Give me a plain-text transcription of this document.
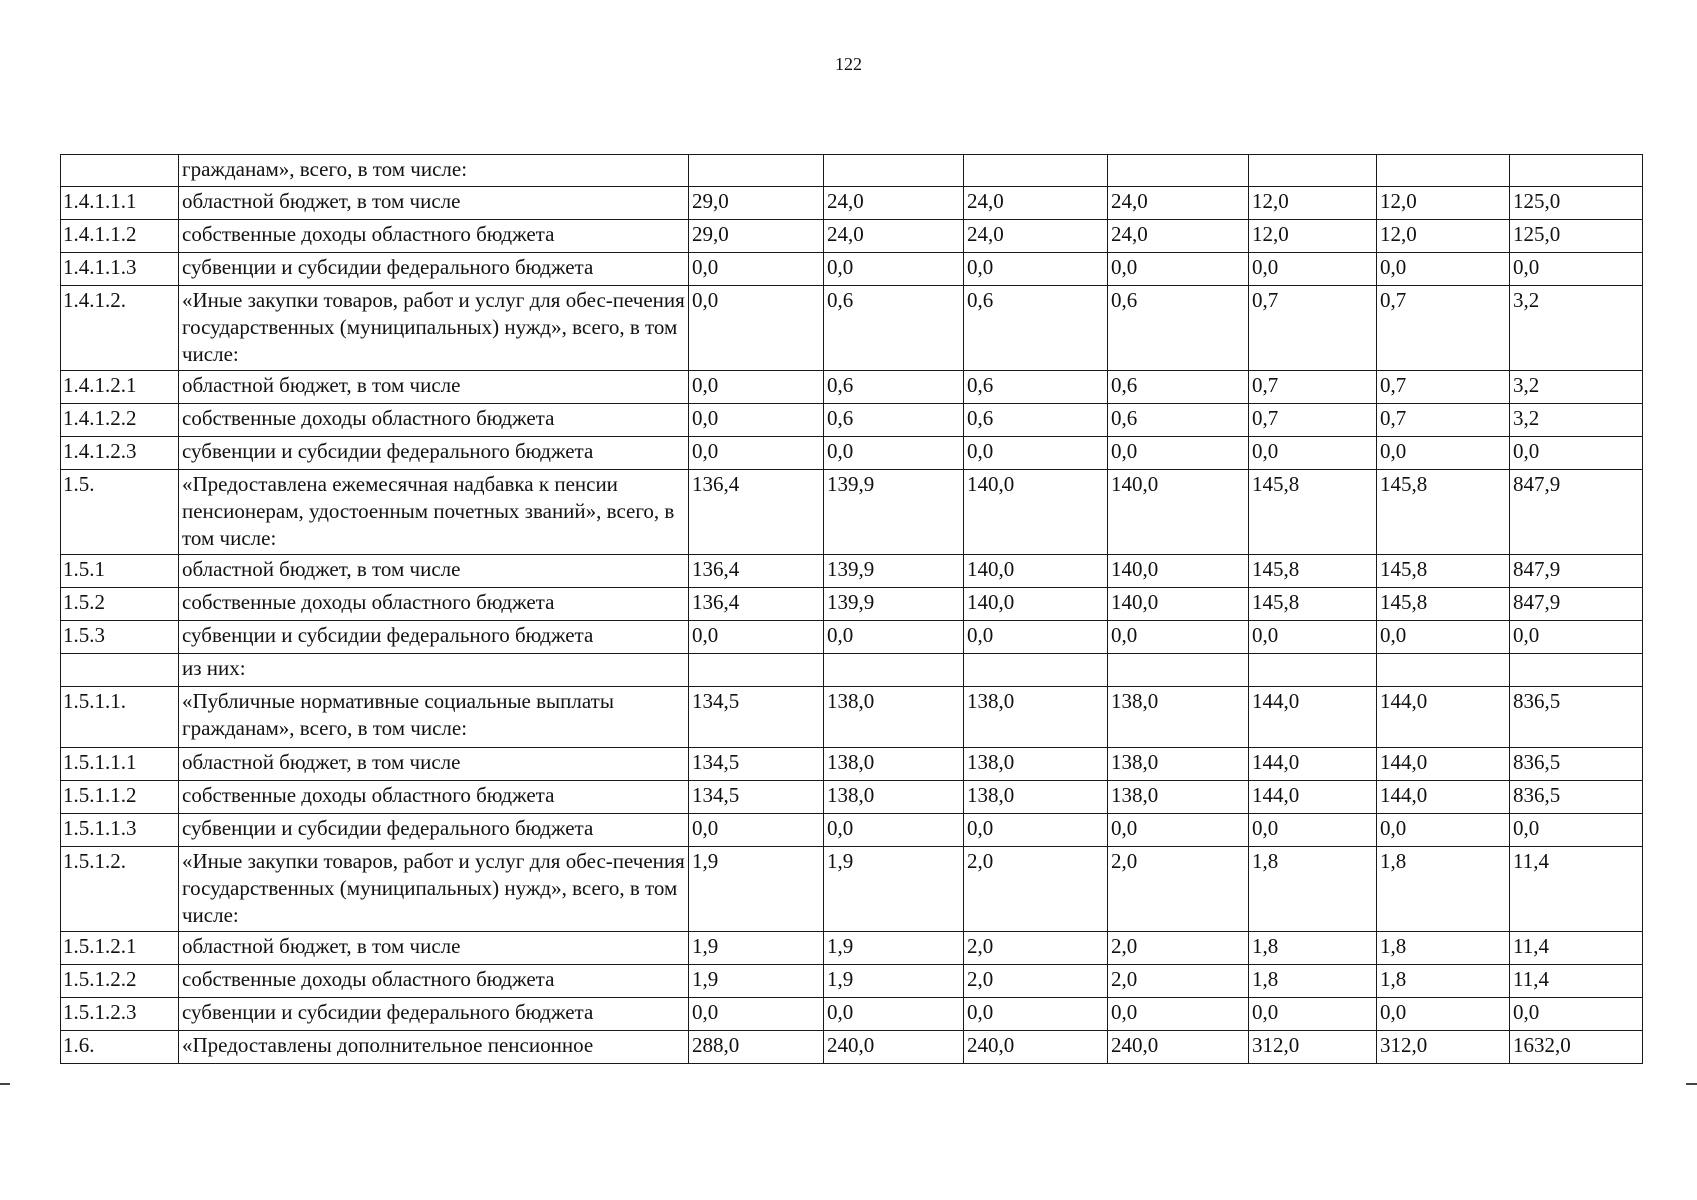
122
	гражданам», всего, в том числе:							
1.4.1.1.1	областной бюджет, в том числе	29,0	24,0	24,0	24,0	12,0	12,0	125,0
1.4.1.1.2	собственные доходы областного бюджета	29,0	24,0	24,0	24,0	12,0	12,0	125,0
1.4.1.1.3	субвенции и субсидии федерального бюджета	0,0	0,0	0,0	0,0	0,0	0,0	0,0
1.4.1.2.	«Иные закупки товаров, работ и услуг для обес-печения государственных (муниципальных) нужд», всего, в том числе:	0,0	0,6	0,6	0,6	0,7	0,7	3,2
1.4.1.2.1	областной бюджет, в том числе	0,0	0,6	0,6	0,6	0,7	0,7	3,2
1.4.1.2.2	собственные доходы областного бюджета	0,0	0,6	0,6	0,6	0,7	0,7	3,2
1.4.1.2.3	субвенции и субсидии федерального бюджета	0,0	0,0	0,0	0,0	0,0	0,0	0,0
1.5.	«Предоставлена ежемесячная надбавка к пенсии пенсионерам, удостоенным почетных званий», всего, в том числе:	136,4	139,9	140,0	140,0	145,8	145,8	847,9
1.5.1	областной бюджет, в том числе	136,4	139,9	140,0	140,0	145,8	145,8	847,9
1.5.2	собственные доходы областного бюджета	136,4	139,9	140,0	140,0	145,8	145,8	847,9
1.5.3	субвенции и субсидии федерального бюджета	0,0	0,0	0,0	0,0	0,0	0,0	0,0
	из них:							
1.5.1.1.	«Публичные нормативные социальные выплаты гражданам», всего, в том числе:	134,5	138,0	138,0	138,0	144,0	144,0	836,5
1.5.1.1.1	областной бюджет, в том числе	134,5	138,0	138,0	138,0	144,0	144,0	836,5
1.5.1.1.2	собственные доходы областного бюджета	134,5	138,0	138,0	138,0	144,0	144,0	836,5
1.5.1.1.3	субвенции и субсидии федерального бюджета	0,0	0,0	0,0	0,0	0,0	0,0	0,0
1.5.1.2.	«Иные закупки товаров, работ и услуг для обес-печения государственных (муниципальных) нужд», всего, в том числе:	1,9	1,9	2,0	2,0	1,8	1,8	11,4
1.5.1.2.1	областной бюджет, в том числе	1,9	1,9	2,0	2,0	1,8	1,8	11,4
1.5.1.2.2	собственные доходы областного бюджета	1,9	1,9	2,0	2,0	1,8	1,8	11,4
1.5.1.2.3	субвенции и субсидии федерального бюджета	0,0	0,0	0,0	0,0	0,0	0,0	0,0
1.6.	«Предоставлены дополнительное пенсионное	288,0	240,0	240,0	240,0	312,0	312,0	1632,0
